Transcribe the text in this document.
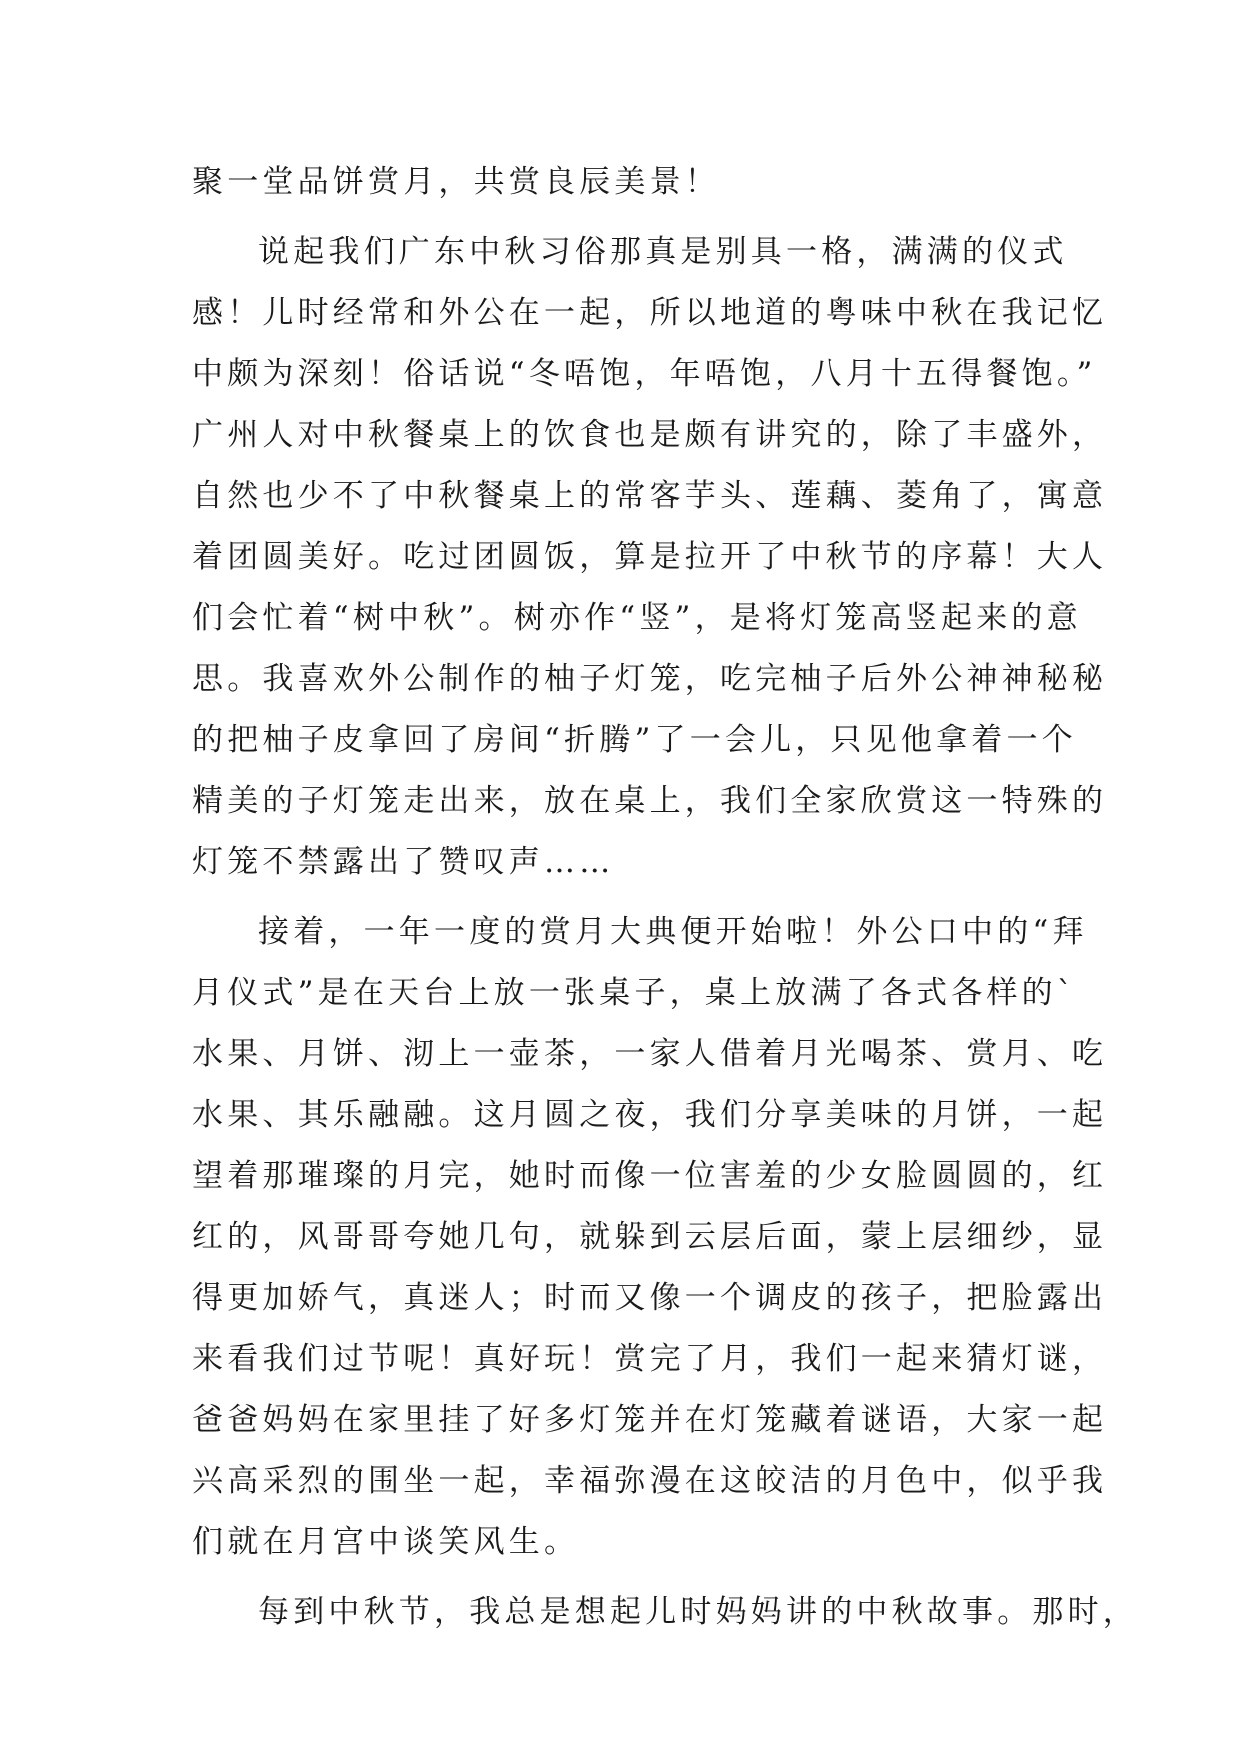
聚一堂品饼赏月，共赏良辰美景！
说起我们广东中秋习俗那真是别具一格，满满的仪式
感！儿时经常和外公在一起，所以地道的粤味中秋在我记忆
中颇为深刻！俗话说“冬唔饱，年唔饱，八月十五得餐饱。”
广州人对中秋餐桌上的饮食也是颇有讲究的，除了丰盛外，
自然也少不了中秋餐桌上的常客芋头、莲藕、菱角了，寓意
着团圆美好。吃过团圆饭，算是拉开了中秋节的序幕！大人
们会忙着“树中秋”。树亦作“竖”，是将灯笼高竖起来的意
思。我喜欢外公制作的柚子灯笼，吃完柚子后外公神神秘秘
的把柚子皮拿回了房间“折腾”了一会儿，只见他拿着一个
精美的子灯笼走出来，放在桌上，我们全家欣赏这一特殊的
灯笼不禁露出了赞叹声……
接着，一年一度的赏月大典便开始啦！外公口中的“拜
月仪式”是在天台上放一张桌子，桌上放满了各式各样的`
水果、月饼、沏上一壶茶，一家人借着月光喝茶、赏月、吃
水果、其乐融融。这月圆之夜，我们分享美味的月饼，一起
望着那璀璨的月完，她时而像一位害羞的少女脸圆圆的，红
红的，风哥哥夸她几句，就躲到云层后面，蒙上层细纱，显
得更加娇气，真迷人；时而又像一个调皮的孩子，把脸露出
来看我们过节呢！真好玩！赏完了月，我们一起来猜灯谜，
爸爸妈妈在家里挂了好多灯笼并在灯笼藏着谜语，大家一起
兴高采烈的围坐一起，幸福弥漫在这皎洁的月色中，似乎我
们就在月宫中谈笑风生。
每到中秋节，我总是想起儿时妈妈讲的中秋故事。那时，
